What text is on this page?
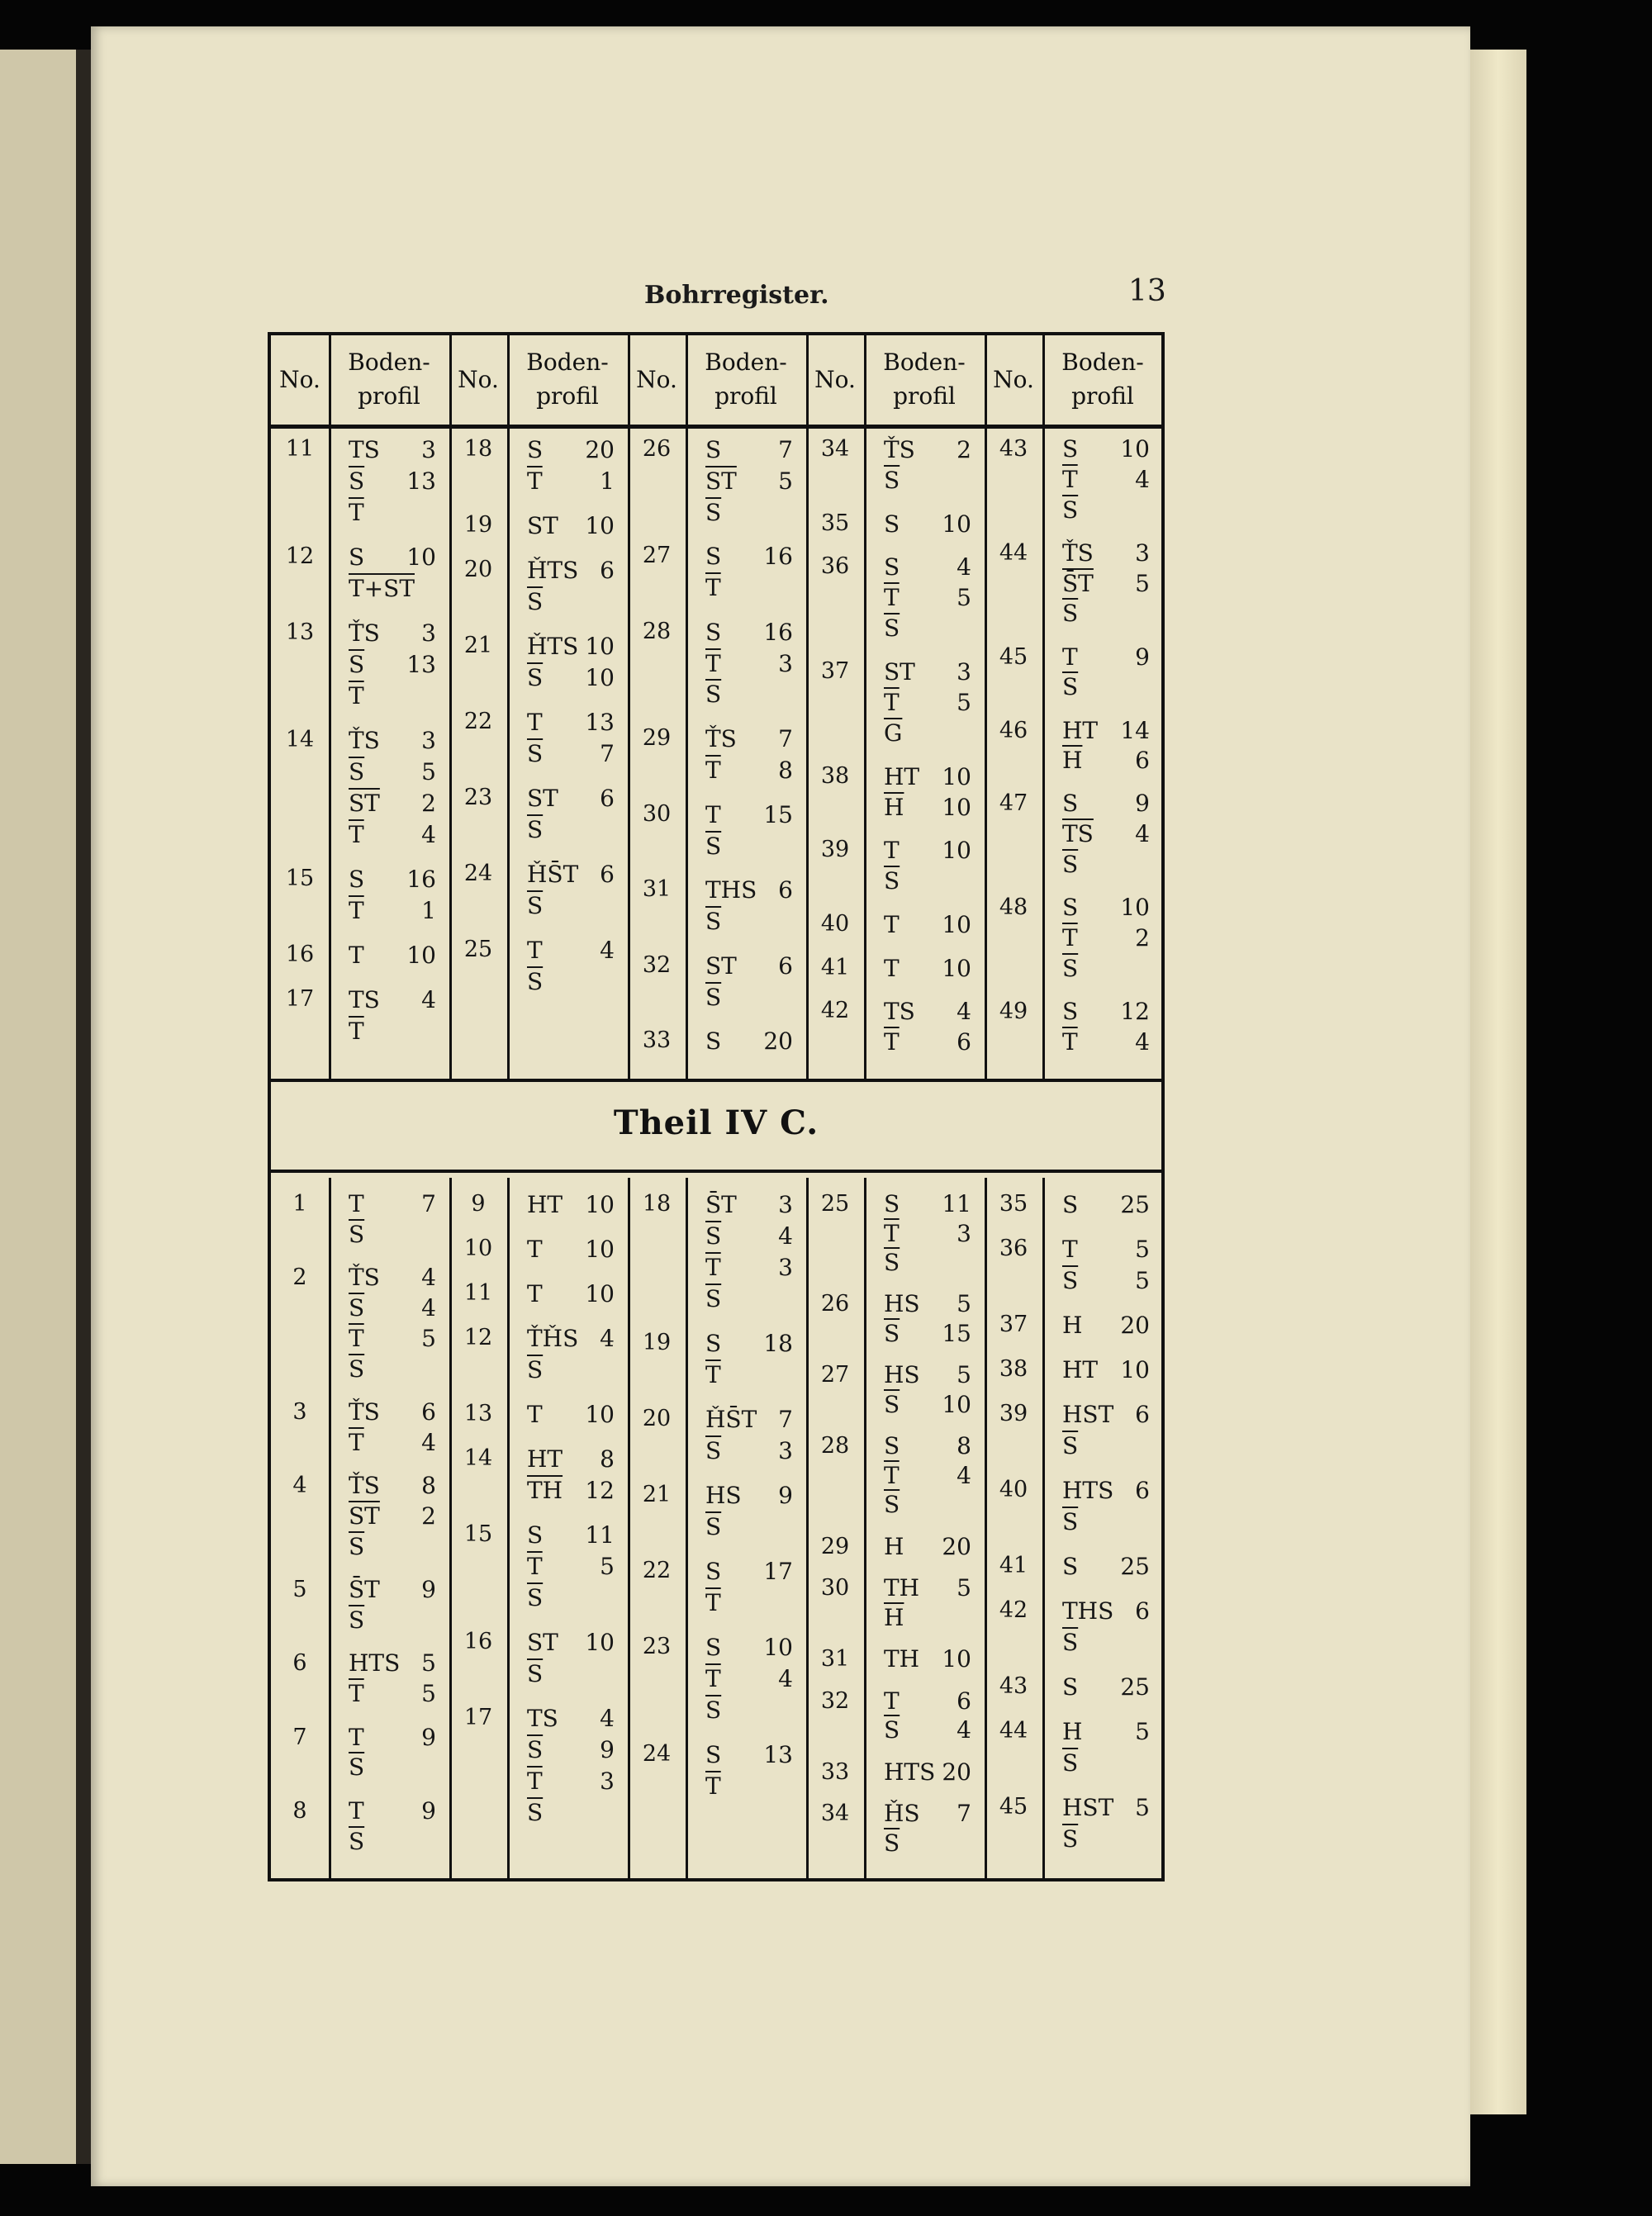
Bohrregister.	13
No.
Boden-
profil
No.
Boden-
profil
No.
Boden-
profil
No.
Boden-
profil
No.
Boden-
profil
Theil IV C.
11	TS 3
$\overline{S}$ 13
$\overline{T}$
12	S 10
T+ST
13	ŤS 3
$\overline{S}$ 13
$\overline{T}$
14	ŤS 3
$\overline{S}$ 5
$\overline{ST}$ 2
$\overline{T}$ 4
15	S 16
$\overline{T}$ 1
16	T 10
17	TS 4
$\overline{T}$
18	S 20
$\overline{T}$ 1
19	ST 10
20	ȞTS 6
$\overline{S}$
21	ȞTS 10
$\overline{S}$ 10
22	T 13
$\overline{S}$ 7
23	ST 6
$\overline{S}$
24	ȞS̄T 6
$\overline{S}$
25	T 4
$\overline{S}$
26	S 7
$\overline{ST}$ 5
$\overline{S}$
27	S 16
$\overline{T}$
28	S 16
$\overline{T}$ 3
$\overline{S}$
29	ŤS 7
$\overline{T}$ 8
30	T 15
$\overline{S}$
31	THS 6
$\overline{S}$
32	ST 6
$\overline{S}$
33	S 20
34	ŤS 2
$\overline{S}$
35	S 10
36	S 4
$\overline{T}$ 5
$\overline{S}$
37	ST 3
$\overline{T}$ 5
$\overline{G}$
38	HT 10
$\overline{H}$ 10
39	T 10
$\overline{S}$
40	T 10
41	T 10
42	TS 4
$\overline{T}$ 6
43	S 10
$\overline{T}$ 4
$\overline{S}$
44	ŤS 3
S̄T 5
$\overline{S}$
45	T 9
$\overline{S}$
46	HT 14
$\overline{H}$ 6
47	S 9
$\overline{TS}$ 4
$\overline{S}$
48	S 10
$\overline{T}$ 2
$\overline{S}$
49	S 12
$\overline{T}$ 4
1	T 7
$\overline{S}$
2	ŤS 4
$\overline{S}$ 4
$\overline{T}$ 5
$\overline{S}$
3	ŤS 6
$\overline{T}$ 4
4	ŤS 8
$\overline{ST}$ 2
$\overline{S}$
5	S̄T 9
$\overline{S}$
6	HTS 5
$\overline{T}$ 5
7	T 9
$\overline{S}$
8	T 9
$\overline{S}$
9	HT 10
10	T 10
11	T 10
12	ŤȞS 4
$\overline{S}$
13	T 10
14	HT 8
$\overline{TH}$ 12
15	S 11
$\overline{T}$ 5
$\overline{S}$
16	ST 10
$\overline{S}$
17	TS 4
$\overline{S}$ 9
$\overline{T}$ 3
$\overline{S}$
18	S̄T 3
$\overline{S}$ 4
$\overline{T}$ 3
$\overline{S}$
19	S 18
$\overline{T}$
20	ȞS̄T 7
$\overline{S}$ 3
21	HS 9
$\overline{S}$
22	S 17
$\overline{T}$
23	S 10
$\overline{T}$ 4
$\overline{S}$
24	S 13
$\overline{T}$
25	S 11
$\overline{T}$ 3
$\overline{S}$
26	HS 5
$\overline{S}$ 15
27	HS 5
$\overline{S}$ 10
28	S 8
$\overline{T}$ 4
$\overline{S}$
29	H 20
30	TH 5
$\overline{H}$
31	TH 10
32	T 6
$\overline{S}$ 4
33	HTS 20
34	ȞS 7
$\overline{S}$
35	S 25
36	T 5
$\overline{S}$ 5
37	H 20
38	HT 10
39	HST 6
$\overline{S}$
40	HTS 6
$\overline{S}$
41	S 25
42	THS 6
$\overline{S}$
43	S 25
44	H 5
$\overline{S}$
45	HST 5
$\overline{S}$
